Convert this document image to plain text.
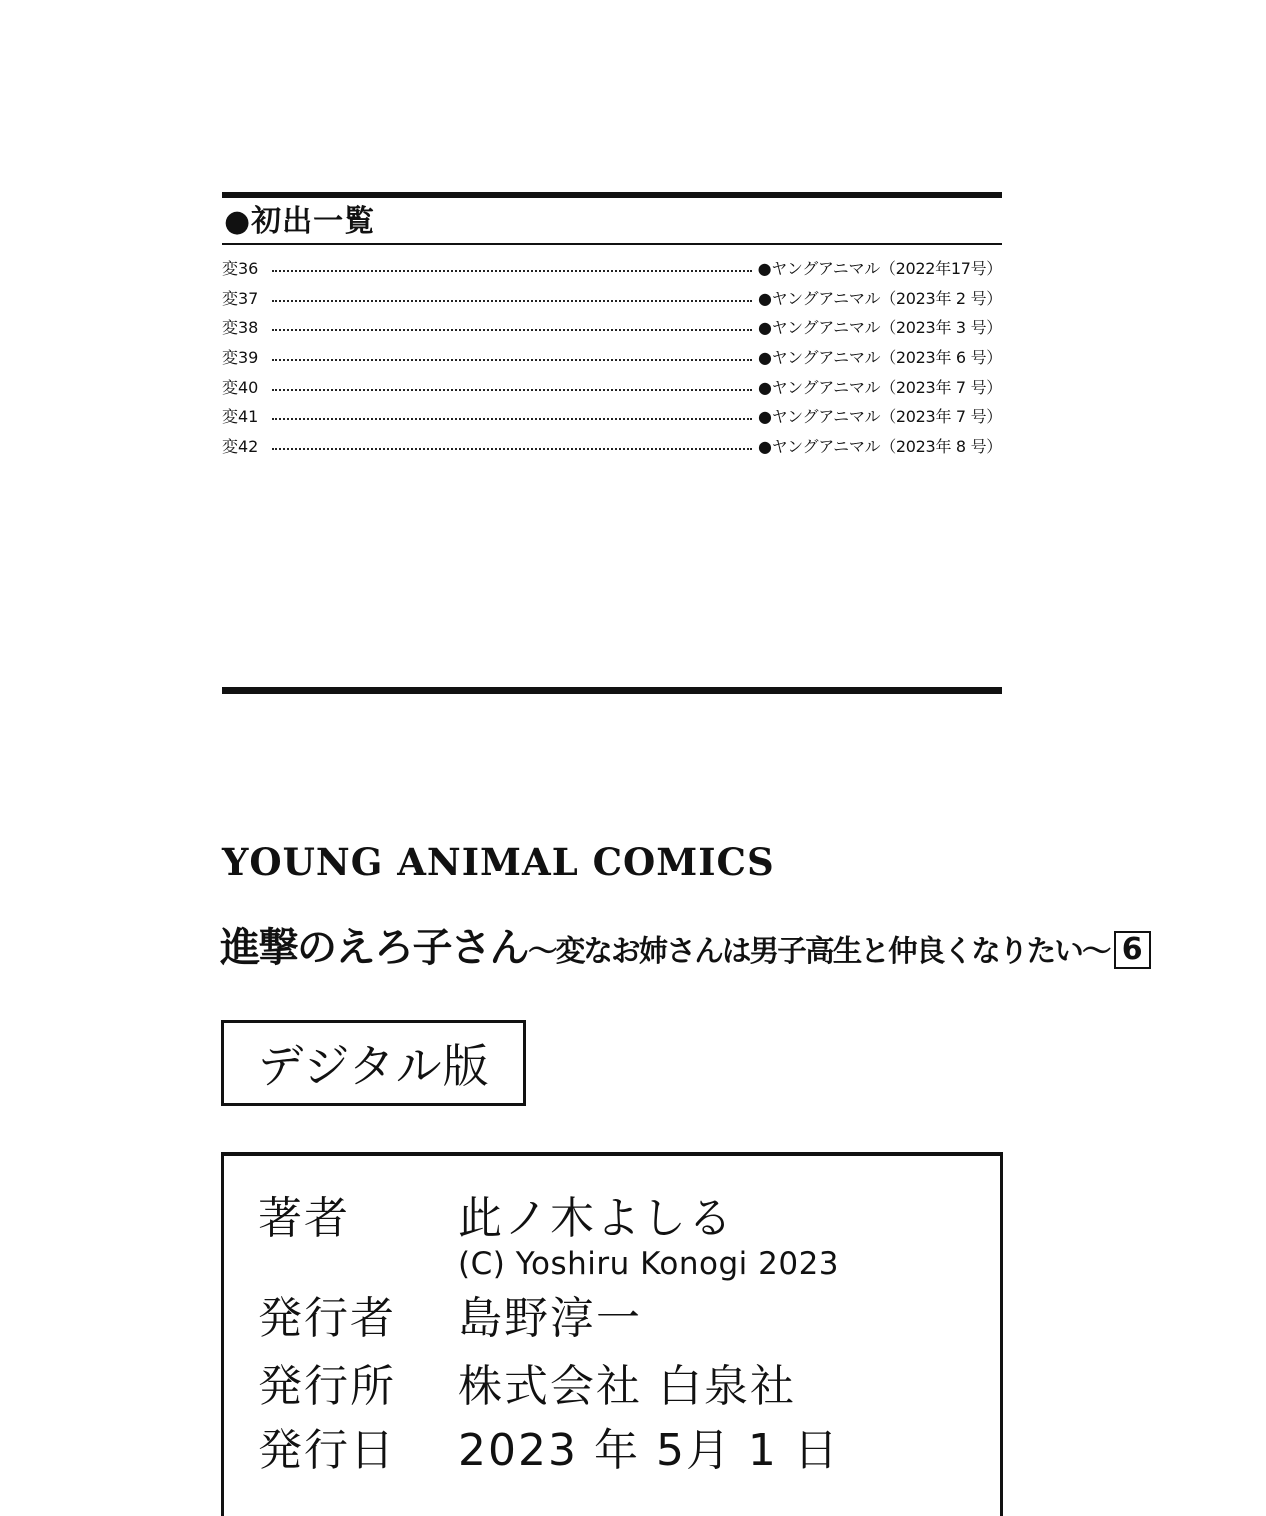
●初出一覧
変36	●ヤングアニマル（2022年17号）
変37	●ヤングアニマル（2023年 2 号）
変38	●ヤングアニマル（2023年 3 号）
変39	●ヤングアニマル（2023年 6 号）
変40	●ヤングアニマル（2023年 7 号）
変41	●ヤングアニマル（2023年 7 号）
変42	●ヤングアニマル（2023年 8 号）
YOUNG ANIMAL COMICS
進撃のえろ子さん ～変なお姉さんは男子高生と仲良くなりたい～ 6
デジタル版
著者 此ノ木よしる
(C) Yoshiru Konogi 2023
発行者 島野淳一
発行所 株式会社 白泉社
発行日 2023 年 5月 1 日
